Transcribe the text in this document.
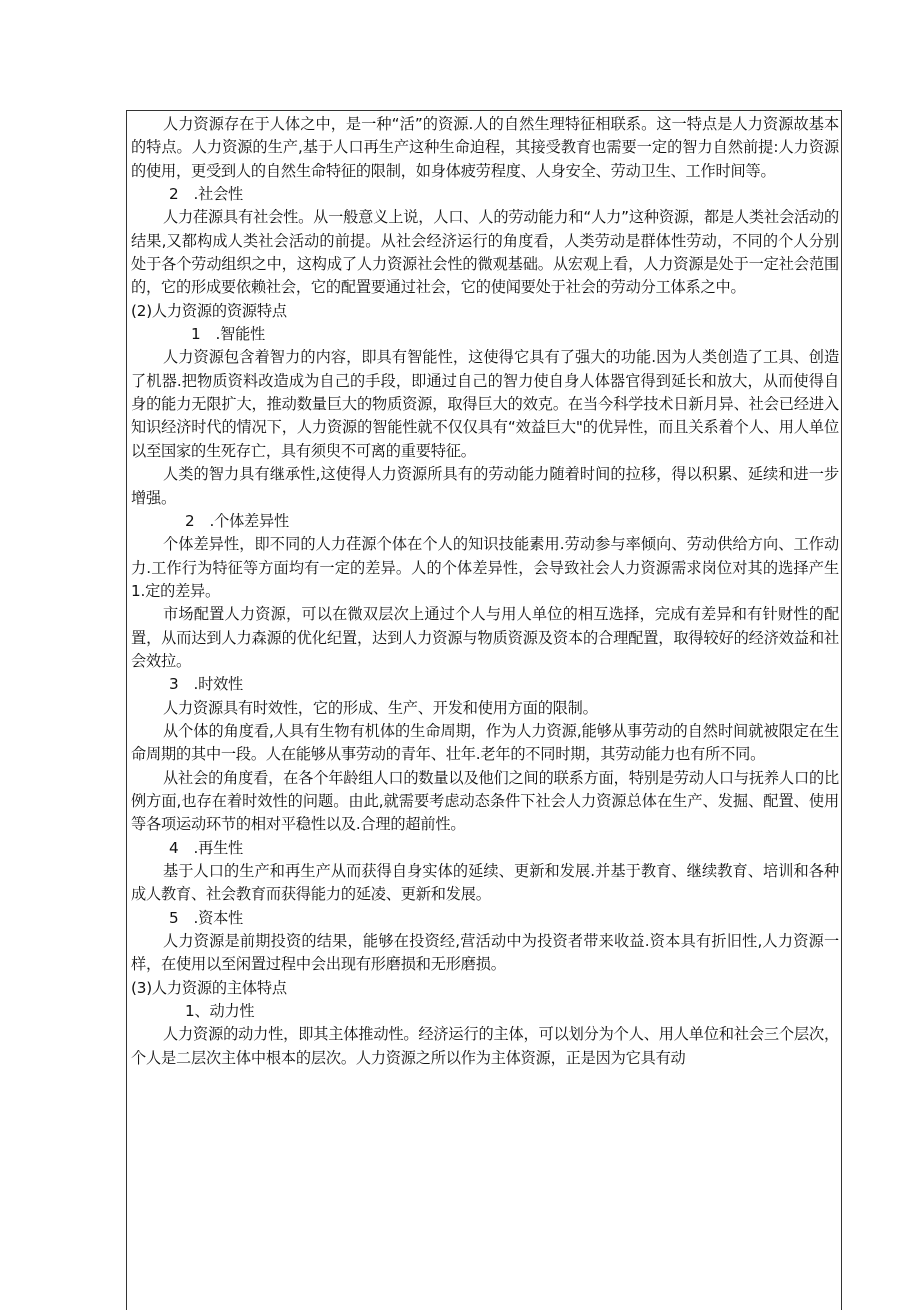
人力资源存在于人体之中，是一种“活”的资源.人的自然生理特征相联系。这一特点是人力资源故基本的特点。人力资源的生产,基于人口再生产这种生命迫程，其接受教育也需要一定的智力自然前提:人力资源的使用，更受到人的自然生命特征的限制，如身体疲劳程度、人身安全、劳动卫生、工作时间等。

2　.社会性

人力荏源具有社会性。从一般意义上说，人口、人的劳动能力和“人力”这种资源，都是人类社会活动的结果,又都构成人类社会活动的前提。从社会经济运行的角度看，人类劳动是群体性劳动，不同的个人分别处于各个劳动组织之中，这构成了人力资源社会性的微观基础。从宏观上看，人力资源是处于一定社会范围的，它的形成要依赖社会，它的配置要通过社会，它的使闻要处于社会的劳动分工体系之中。

(2)人力资源的资源特点

1　.智能性

人力资源包含着智力的内容，即具有智能性，这使得它具有了强大的功能.因为人类创造了工具、创造了机器.把物质资料改造成为自己的手段，即通过自己的智力使自身人体器官得到延长和放大，从而使得自身的能力无限扩大，推动数量巨大的物质资源，取得巨大的效克。在当今科学技术日新月异、社会已经进入知识经济时代的情况下，人力资源的智能性就不仅仅具有“效益巨大"的优异性，而且关系着个人、用人单位以至国家的生死存亡，具有须臾不可离的重要特征。

人类的智力具有继承性,这使得人力资源所具有的劳动能力随着时间的拉移，得以积累、延续和进一步增强。

2　.个体差异性

个体差异性，即不同的人力荏源个体在个人的知识技能素用.劳动参与率倾向、劳动供给方向、工作动力.工作行为特征等方面均有一定的差异。人的个体差异性，会导致社会人力资源需求岗位对其的选择产生1.定的差异。

市场配置人力资源，可以在微双层次上通过个人与用人单位的相互选择，完成有差异和有针财性的配置，从而达到人力森源的优化纪置，达到人力资源与物质资源及资本的合理配置，取得较好的经济效益和社会效拉。

3　.时效性

人力资源具有时效性，它的形成、生产、开发和使用方面的限制。

从个体的角度看,人具有生物有机体的生命周期，作为人力资源,能够从事劳动的自然时间就被限定在生命周期的其中一段。人在能够从事劳动的青年、壮年.老年的不同时期，其劳动能力也有所不同。

从社会的角度看，在各个年龄组人口的数量以及他们之间的联系方面，特别是劳动人口与抚养人口的比例方面,也存在着时效性的问题。由此,就需要考虑动态条件下社会人力资源总体在生产、发掘、配置、使用等各项运动环节的相对平稳性以及.合理的超前性。

4　.再生性

基于人口的生产和再生产从而获得自身实体的延续、更新和发展.并基于教育、继续教育、培训和各种成人教育、社会教育而获得能力的延凌、更新和发展。

5　.资本性

人力资源是前期投资的结果，能够在投资经,营活动中为投资者带来收益.资本具有折旧性,人力资源一样，在使用以至闲置过程中会出现有形磨损和无形磨损。

(3)人力资源的主体特点

1、动力性

人力资源的动力性，即其主体推动性。经济运行的主体，可以划分为个人、用人单位和社会三个层次，个人是二层次主体中根本的层次。人力资源之所以作为主体资源，正是因为它具有动
